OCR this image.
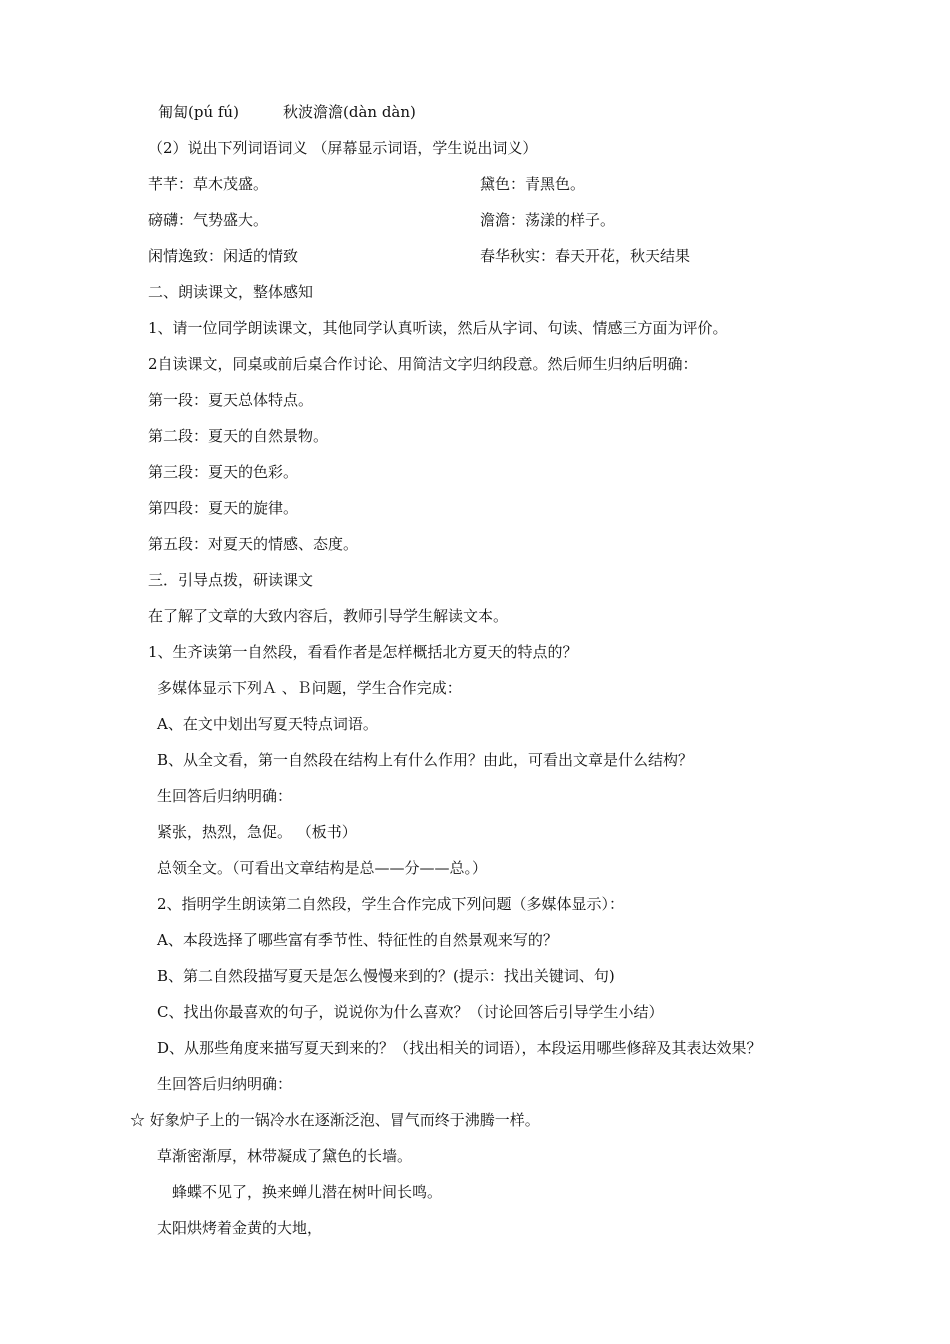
匍匐(pú fú)	秋波澹澹(dàn dàn)
（2）说出下列词语词义 （屏幕显示词语，学生说出词义）
芊芊：草木茂盛。	黛色：青黑色。
磅礴：气势盛大。	澹澹：荡漾的样子。
闲情逸致：闲适的情致	春华秋实：春天开花，秋天结果
二、朗读课文，整体感知
1、请一位同学朗读课文，其他同学认真听读，然后从字词、句读、情感三方面为评价。
2自读课文，同桌或前后桌合作讨论、用简洁文字归纳段意。然后师生归纳后明确：
第一段：夏天总体特点。
第二段：夏天的自然景物。
第三段：夏天的色彩。
第四段：夏天的旋律。
第五段：对夏天的情感、态度。
三．引导点拨，研读课文
在了解了文章的大致内容后，教师引导学生解读文本。
1、生齐读第一自然段，看看作者是怎样概括北方夏天的特点的？
多媒体显示下列Ａ 、Ｂ问题，学生合作完成：
A、在文中划出写夏天特点词语。
B、从全文看，第一自然段在结构上有什么作用？由此，可看出文章是什么结构？
生回答后归纳明确：
紧张，热烈，急促。 （板书）
总领全文。（可看出文章结构是总——分——总。）
2、指明学生朗读第二自然段，学生合作完成下列问题（多媒体显示）：
A、本段选择了哪些富有季节性、特征性的自然景观来写的？
B、第二自然段描写夏天是怎么慢慢来到的？(提示：找出关键词、句)
C、找出你最喜欢的句子，说说你为什么喜欢？（讨论回答后引导学生小结）
D、从那些角度来描写夏天到来的？（找出相关的词语），本段运用哪些修辞及其表达效果？
生回答后归纳明确：
☆ 好象炉子上的一锅冷水在逐渐泛泡、冒气而终于沸腾一样。
草渐密渐厚，林带凝成了黛色的长墙。
蜂蝶不见了，换来蝉儿潜在树叶间长鸣。
太阳烘烤着金黄的大地，
